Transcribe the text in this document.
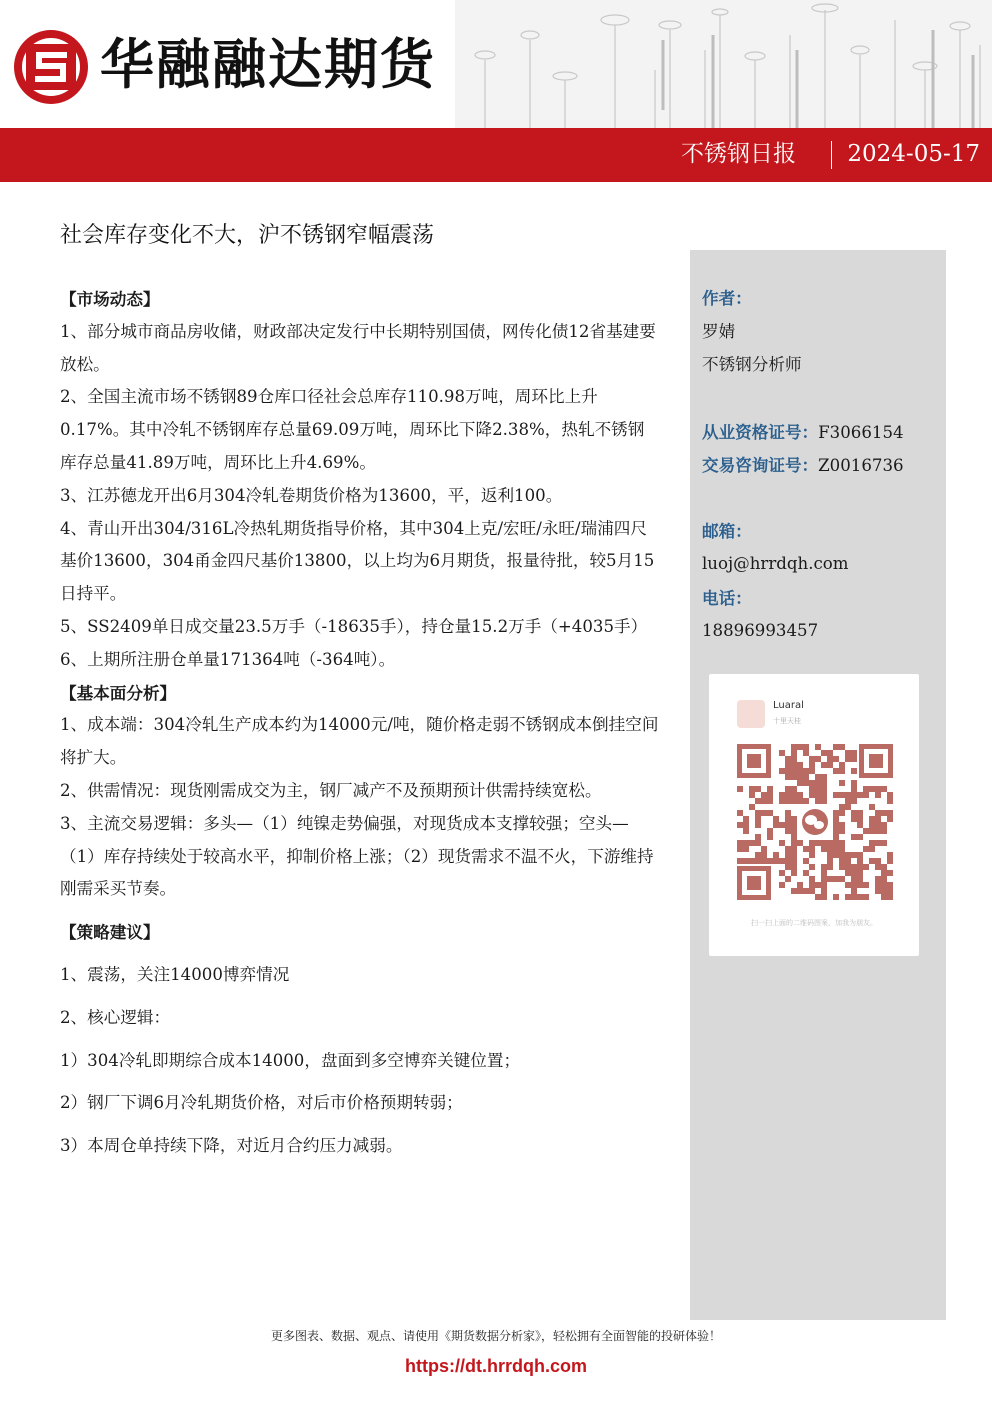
华融融达期货
不锈钢日报 2024-05-17
社会库存变化不大，沪不锈钢窄幅震荡

【市场动态】

1、部分城市商品房收储，财政部决定发行中长期特别国债，网传化债12省基建要放松。

2、全国主流市场不锈钢89仓库口径社会总库存110.98万吨，周环比上升0.17%。其中冷轧不锈钢库存总量69.09万吨，周环比下降2.38%，热轧不锈钢库存总量41.89万吨，周环比上升4.69%。

3、江苏德龙开出6月304冷轧卷期货价格为13600，平，返利100。

4、青山开出304/316L冷热轧期货指导价格，其中304上克/宏旺/永旺/瑞浦四尺基价13600，304甬金四尺基价13800，以上均为6月期货，报量待批，较5月15日持平。

5、SS2409单日成交量23.5万手（-18635手），持仓量15.2万手（+4035手）

6、上期所注册仓单量171364吨（-364吨）。

【基本面分析】

1、成本端：304冷轧生产成本约为14000元/吨，随价格走弱不锈钢成本倒挂空间将扩大。

2、供需情况：现货刚需成交为主，钢厂减产不及预期预计供需持续宽松。

3、主流交易逻辑：多头—（1）纯镍走势偏强，对现货成本支撑较强；空头—（1）库存持续处于较高水平，抑制价格上涨；（2）现货需求不温不火，下游维持刚需采买节奏。

【策略建议】

1、震荡，关注14000博弈情况

2、核心逻辑：

1）304冷轧即期综合成本14000，盘面到多空博弈关键位置；

2）钢厂下调6月冷轧期货价格，对后市价格预期转弱；

3）本周仓单持续下降，对近月合约压力减弱。

作者：
罗婧
不锈钢分析师
从业资格证号：F3066154
交易咨询证号：Z0016736
邮箱：
luoj@hrrdqh.com
电话：
18896993457
Luaral
十里天桂
扫一扫上面的二维码图案，加我为朋友。
更多图表、数据、观点、请使用《期货数据分析家》，轻松拥有全面智能的投研体验！
https://dt.hrrdqh.com
